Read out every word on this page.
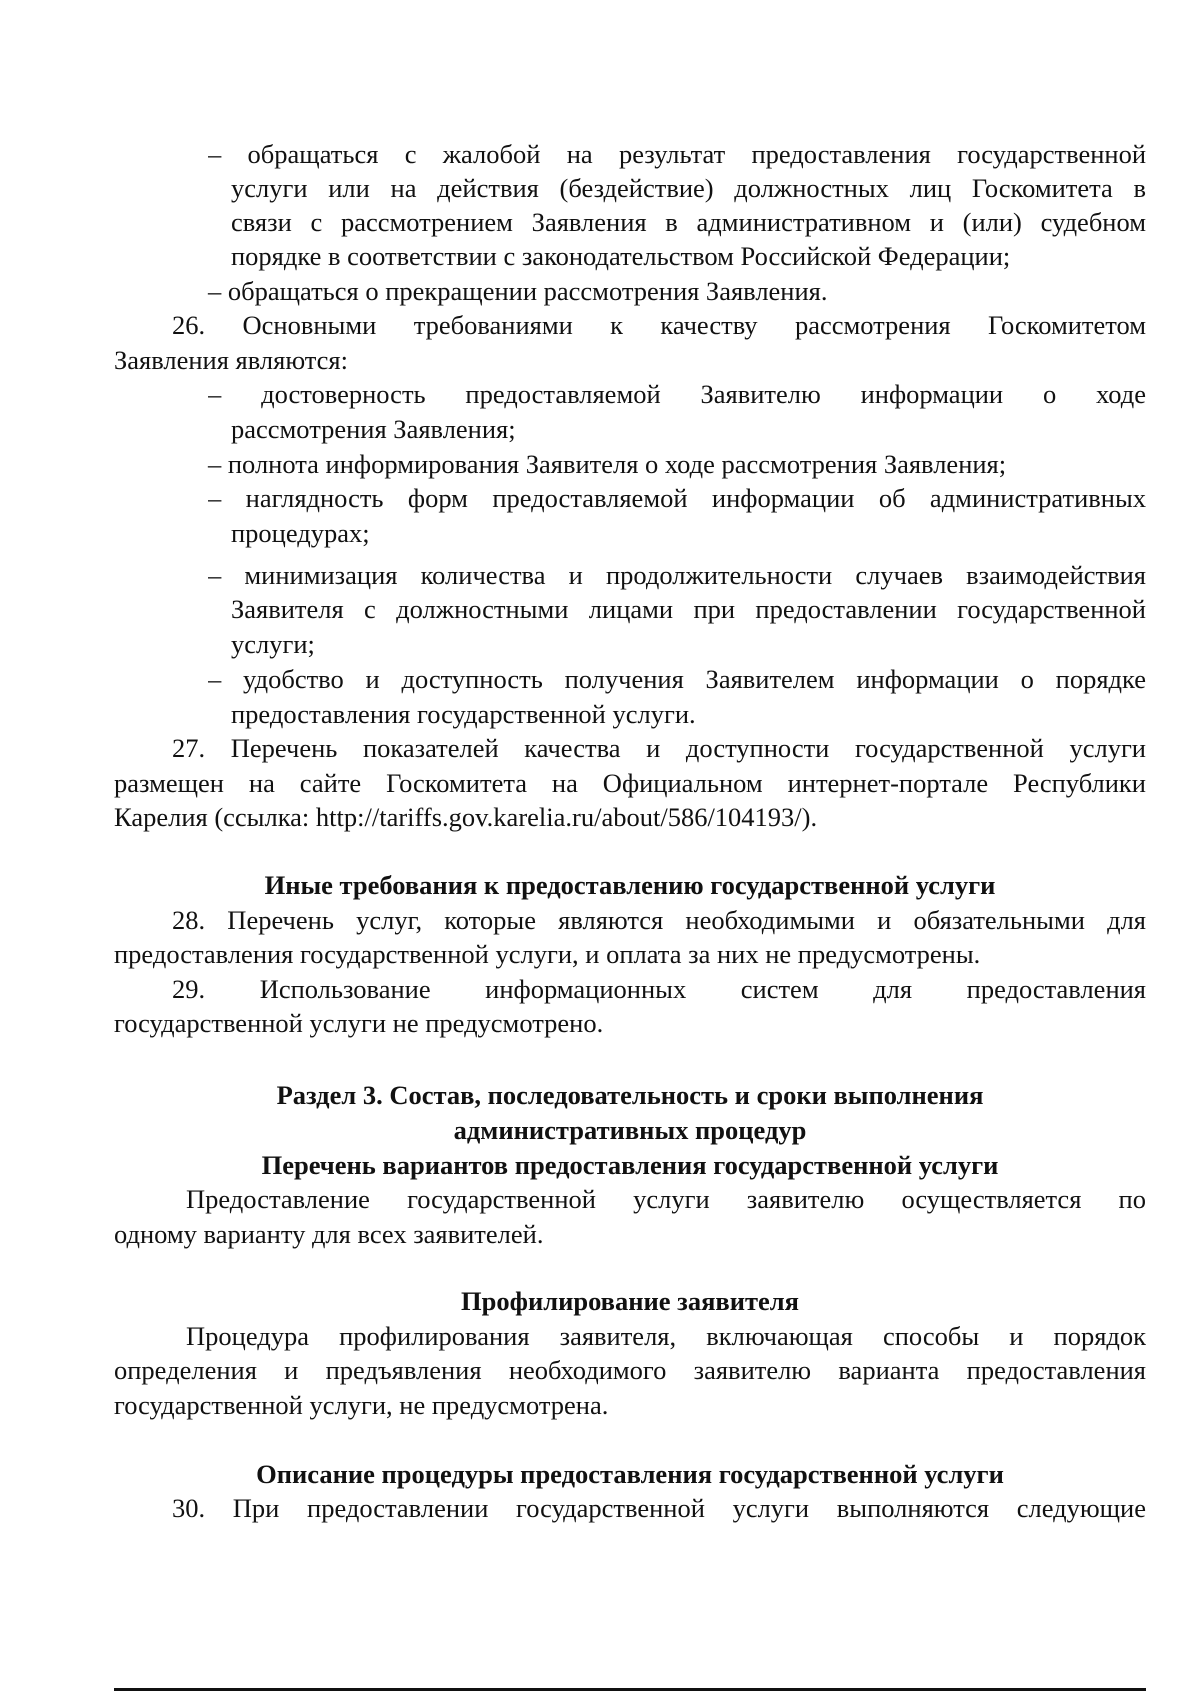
– обращаться с жалобой на результат предоставления государственной
услуги или на действия (бездействие) должностных лиц Госкомитета в
связи с рассмотрением Заявления в административном и (или) судебном
порядке в соответствии с законодательством Российской Федерации;
– обращаться о прекращении рассмотрения Заявления.
26. Основными требованиями к качеству рассмотрения Госкомитетом
Заявления являются:
– достоверность предоставляемой Заявителю информации о ходе
рассмотрения Заявления;
– полнота информирования Заявителя о ходе рассмотрения Заявления;
– наглядность форм предоставляемой информации об административных
процедурах;
– минимизация количества и продолжительности случаев взаимодействия
Заявителя с должностными лицами при предоставлении государственной
услуги;
– удобство и доступность получения Заявителем информации о порядке
предоставления государственной услуги.
27. Перечень показателей качества и доступности государственной услуги
размещен на сайте Госкомитета на Официальном интернет-портале Республики
Карелия (ссылка: http://tariffs.gov.karelia.ru/about/586/104193/).
Иные требования к предоставлению государственной услуги
28. Перечень услуг, которые являются необходимыми и обязательными для
предоставления государственной услуги, и оплата за них не предусмотрены.
29. Использование информационных систем для предоставления
государственной услуги не предусмотрено.
Раздел 3. Состав, последовательность и сроки выполнения
административных процедур
Перечень вариантов предоставления государственной услуги
Предоставление государственной услуги заявителю осуществляется по
одному варианту для всех заявителей.
Профилирование заявителя
Процедура профилирования заявителя, включающая способы и порядок
определения и предъявления необходимого заявителю варианта предоставления
государственной услуги, не предусмотрена.
Описание процедуры предоставления государственной услуги
30. При предоставлении государственной услуги выполняются следующие
